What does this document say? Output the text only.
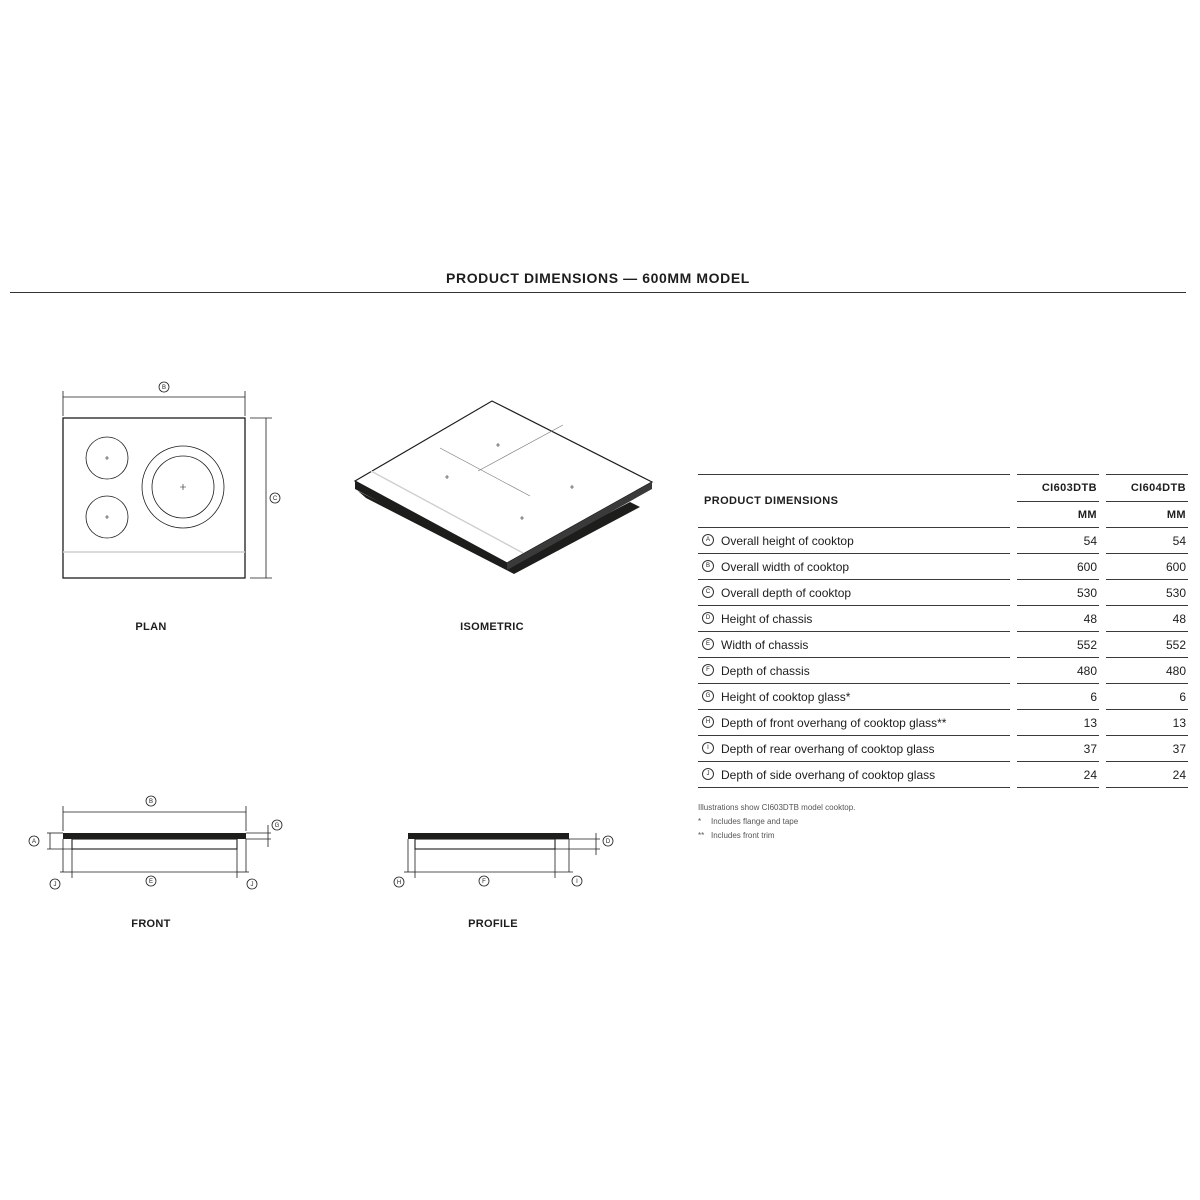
PRODUCT DIMENSIONS — 600MM MODEL
B
C
PLAN	ISOMETRIC
B
A
G
E
J	J
FRONT
D
F
H	I
PROFILE
PRODUCT DIMENSIONS		CI603DTB		CI604DTB
		MM		MM
A Overall height of cooktop		54		54
B Overall width of cooktop		600		600
C Overall depth of cooktop		530		530
D Height of chassis		48		48
E Width of chassis		552		552
F Depth of chassis		480		480
G Height of cooktop glass*		6		6
H Depth of front overhang of cooktop glass**		13		13
I Depth of rear overhang of cooktop glass		37		37
J Depth of side overhang of cooktop glass		24		24
Illustrations show CI603DTB model cooktop.
* Includes flange and tape
** Includes front trim
